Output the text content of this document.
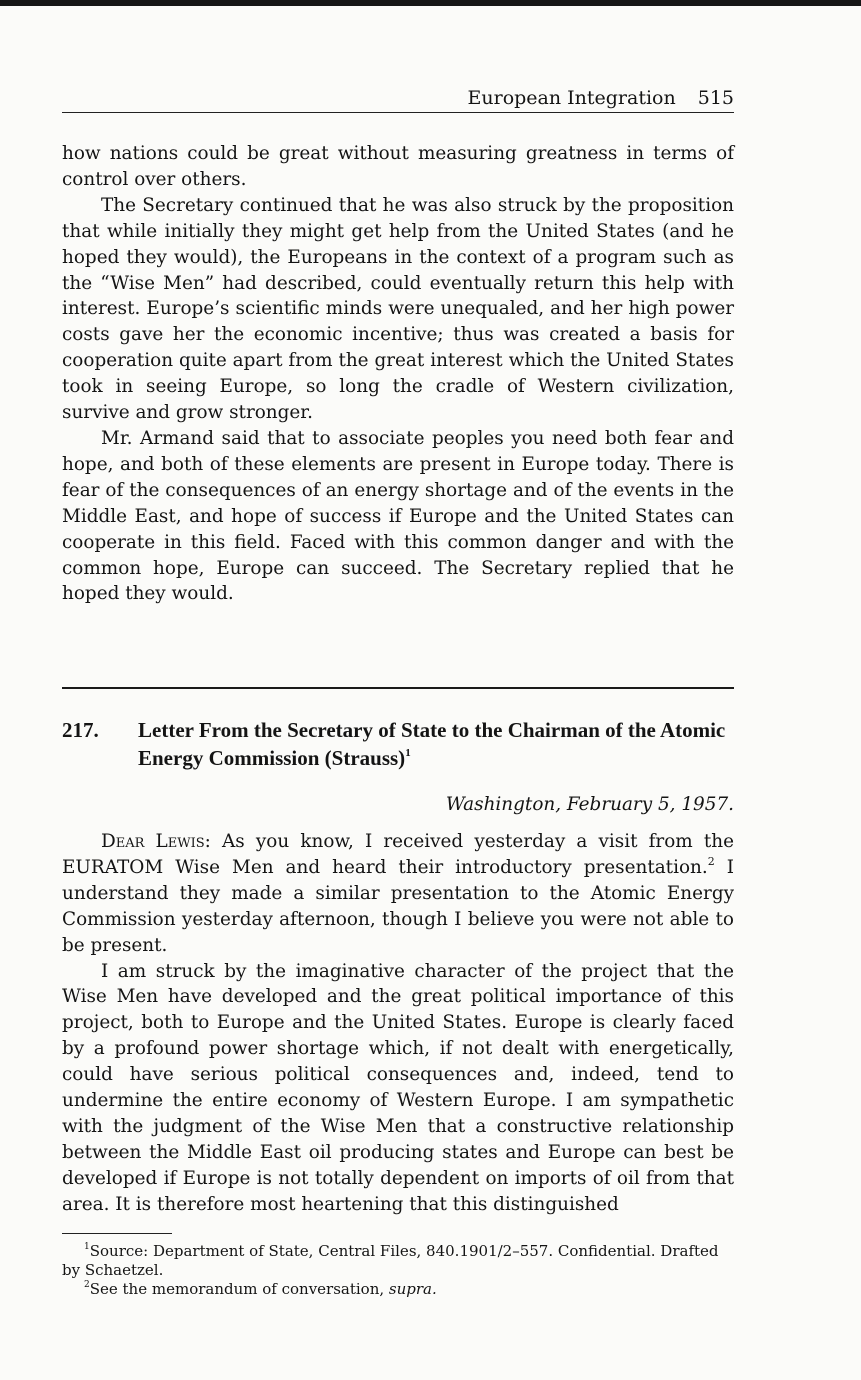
European Integration 515

how nations could be great without measuring greatness in terms of control over others.

The Secretary continued that he was also struck by the proposition that while initially they might get help from the United States (and he hoped they would), the Europeans in the context of a program such as the “Wise Men” had described, could eventually return this help with interest. Europe’s scientific minds were unequaled, and her high power costs gave her the economic incentive; thus was created a basis for cooperation quite apart from the great interest which the United States took in seeing Europe, so long the cradle of Western civilization, survive and grow stronger.

Mr. Armand said that to associate peoples you need both fear and hope, and both of these elements are present in Europe today. There is fear of the consequences of an energy shortage and of the events in the Middle East, and hope of success if Europe and the United States can cooperate in this field. Faced with this common danger and with the common hope, Europe can succeed. The Secretary replied that he hoped they would.

217. Letter From the Secretary of State to the Chairman of the Atomic Energy Commission (Strauss)$^1$
Washington, February 5, 1957.

Dear Lewis: As you know, I received yesterday a visit from the EURATOM Wise Men and heard their introductory presentation.$^2$ I understand they made a similar presentation to the Atomic Energy Commission yesterday afternoon, though I believe you were not able to be present.

I am struck by the imaginative character of the project that the Wise Men have developed and the great political importance of this project, both to Europe and the United States. Europe is clearly faced by a profound power shortage which, if not dealt with energetically, could have serious political consequences and, indeed, tend to undermine the entire economy of Western Europe. I am sympathetic with the judgment of the Wise Men that a constructive relationship between the Middle East oil producing states and Europe can best be developed if Europe is not totally dependent on imports of oil from that area. It is therefore most heartening that this distinguished

$^1$Source: Department of State, Central Files, 840.1901/2–557. Confidential. Drafted by Schaetzel.

$^2$See the memorandum of conversation, supra.
